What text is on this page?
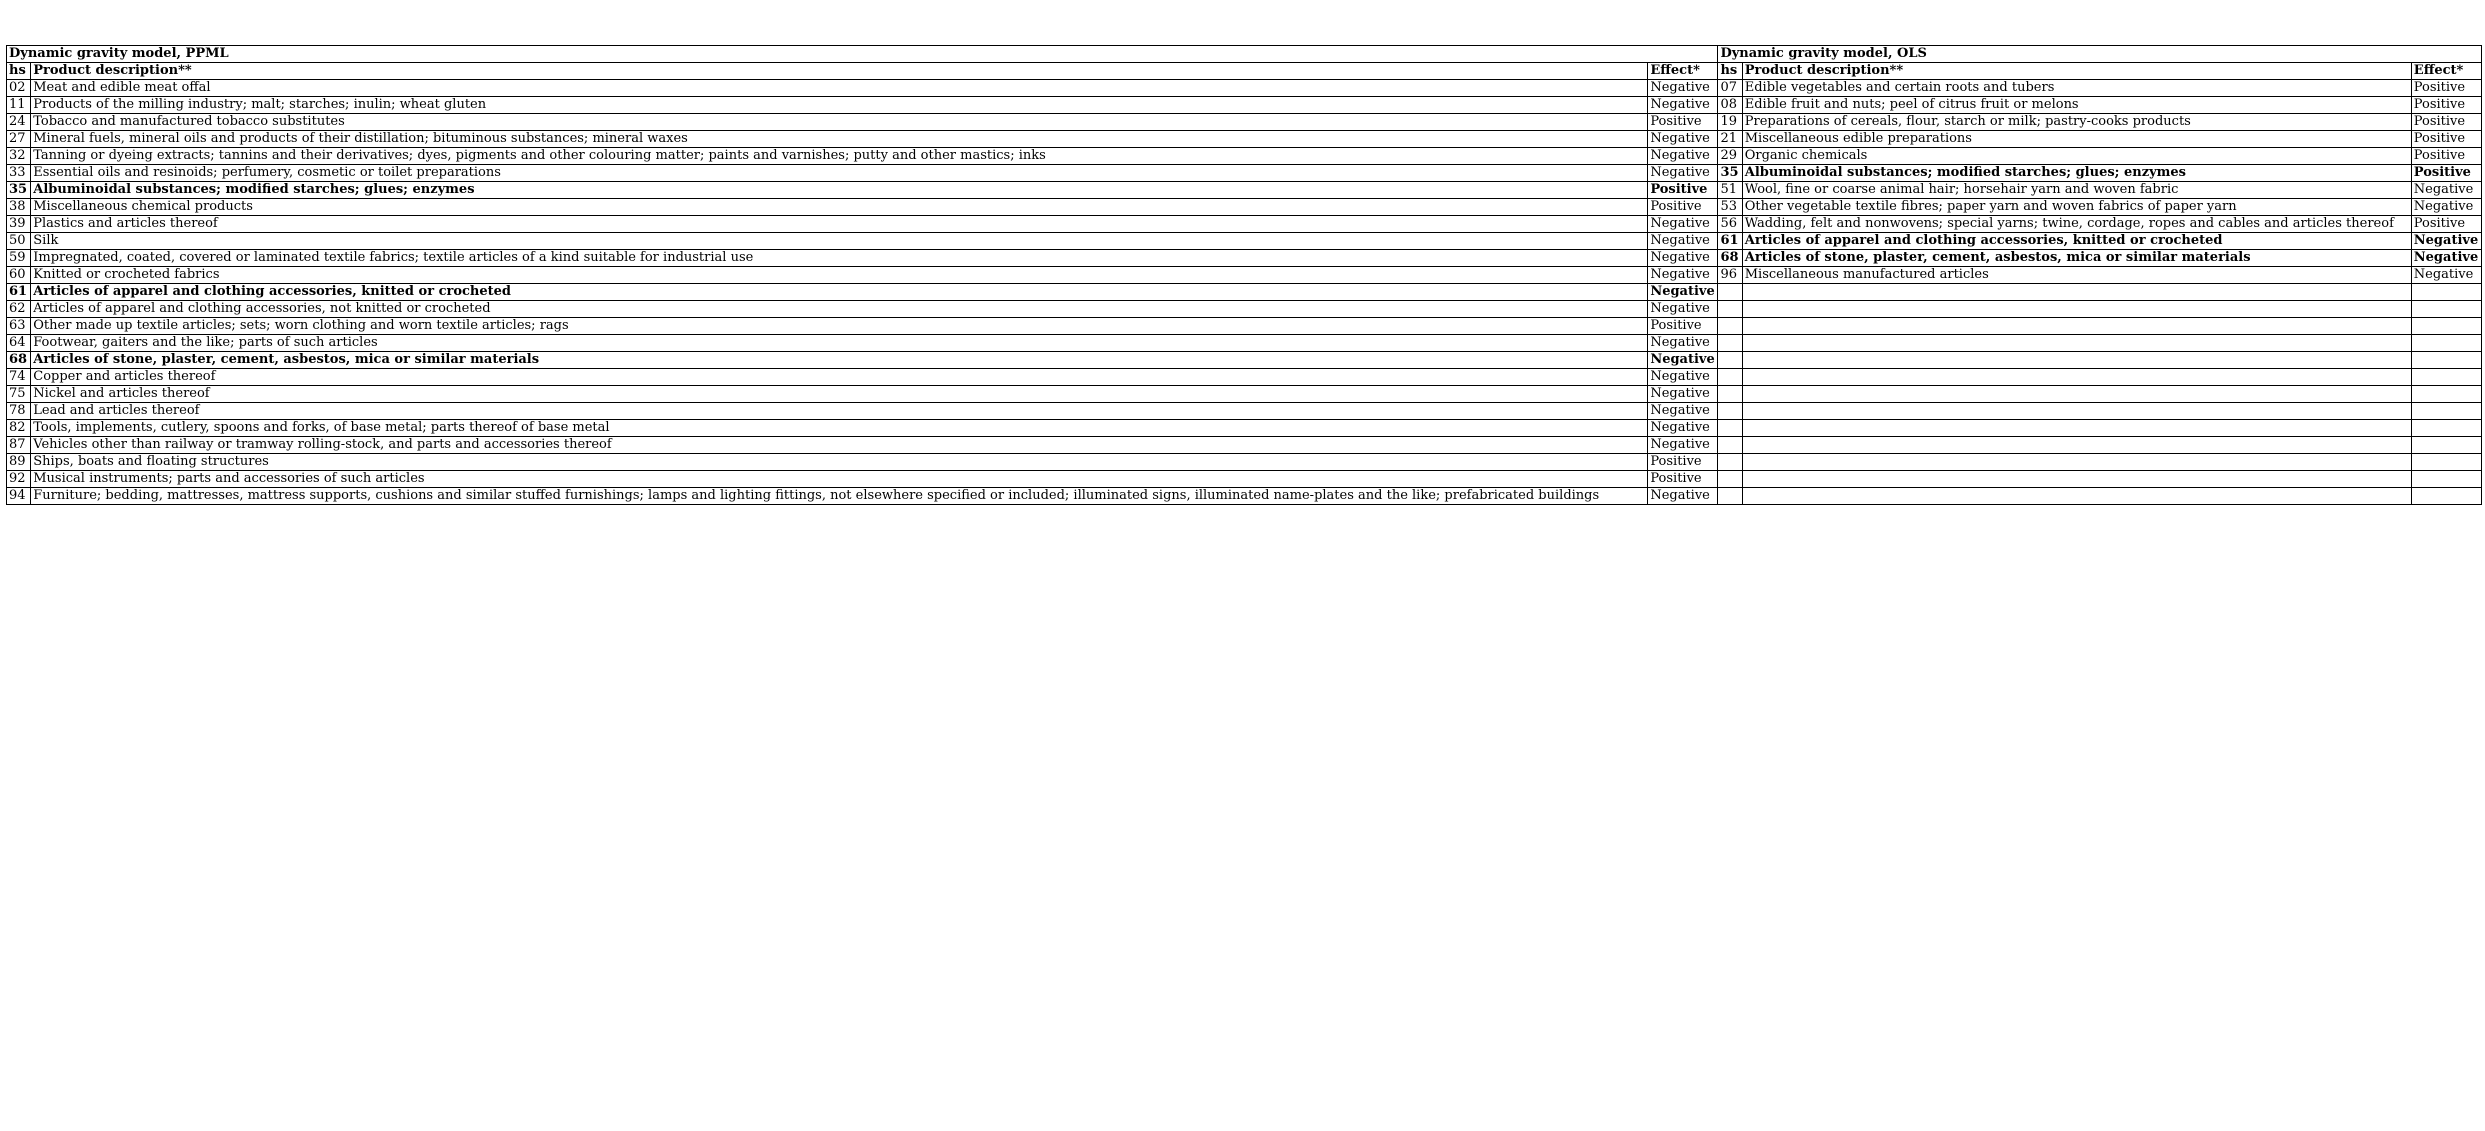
Dynamic gravity model, PPML			Dynamic gravity model, OLS		
hs	Product description**	Effect*	hs	Product description**	Effect*
02	Meat and edible meat offal	Negative	07	Edible vegetables and certain roots and tubers	Positive
11	Products of the milling industry; malt; starches; inulin; wheat gluten	Negative	08	Edible fruit and nuts; peel of citrus fruit or melons	Positive
24	Tobacco and manufactured tobacco substitutes	Positive	19	Preparations of cereals, flour, starch or milk; pastry-cooks products	Positive
27	Mineral fuels, mineral oils and products of their distillation; bituminous substances; mineral waxes	Negative	21	Miscellaneous edible preparations	Positive
32	Tanning or dyeing extracts; tannins and their derivatives; dyes, pigments and other colouring matter; paints and varnishes; putty and other mastics; inks	Negative	29	Organic chemicals	Positive
33	Essential oils and resinoids; perfumery, cosmetic or toilet preparations	Negative	35	Albuminoidal substances; modified starches; glues; enzymes	Positive
35	Albuminoidal substances; modified starches; glues; enzymes	Positive	51	Wool, fine or coarse animal hair; horsehair yarn and woven fabric	Negative
38	Miscellaneous chemical products	Positive	53	Other vegetable textile fibres; paper yarn and woven fabrics of paper yarn	Negative
39	Plastics and articles thereof	Negative	56	Wadding, felt and nonwovens; special yarns; twine, cordage, ropes and cables and articles thereof	Positive
50	Silk	Negative	61	Articles of apparel and clothing accessories, knitted or crocheted	Negative
59	Impregnated, coated, covered or laminated textile fabrics; textile articles of a kind suitable for industrial use	Negative	68	Articles of stone, plaster, cement, asbestos, mica or similar materials	Negative
60	Knitted or crocheted fabrics	Negative	96	Miscellaneous manufactured articles	Negative
61	Articles of apparel and clothing accessories, knitted or crocheted	Negative			
62	Articles of apparel and clothing accessories, not knitted or crocheted	Negative			
63	Other made up textile articles; sets; worn clothing and worn textile articles; rags	Positive			
64	Footwear, gaiters and the like; parts of such articles	Negative			
68	Articles of stone, plaster, cement, asbestos, mica or similar materials	Negative			
74	Copper and articles thereof	Negative			
75	Nickel and articles thereof	Negative			
78	Lead and articles thereof	Negative			
82	Tools, implements, cutlery, spoons and forks, of base metal; parts thereof of base metal	Negative			
87	Vehicles other than railway or tramway rolling-stock, and parts and accessories thereof	Negative			
89	Ships, boats and floating structures	Positive			
92	Musical instruments; parts and accessories of such articles	Positive			
94	Furniture; bedding, mattresses, mattress supports, cushions and similar stuffed furnishings; lamps and lighting fittings, not elsewhere specified or included; illuminated signs, illuminated name-plates and the like; prefabricated buildings	Negative			
